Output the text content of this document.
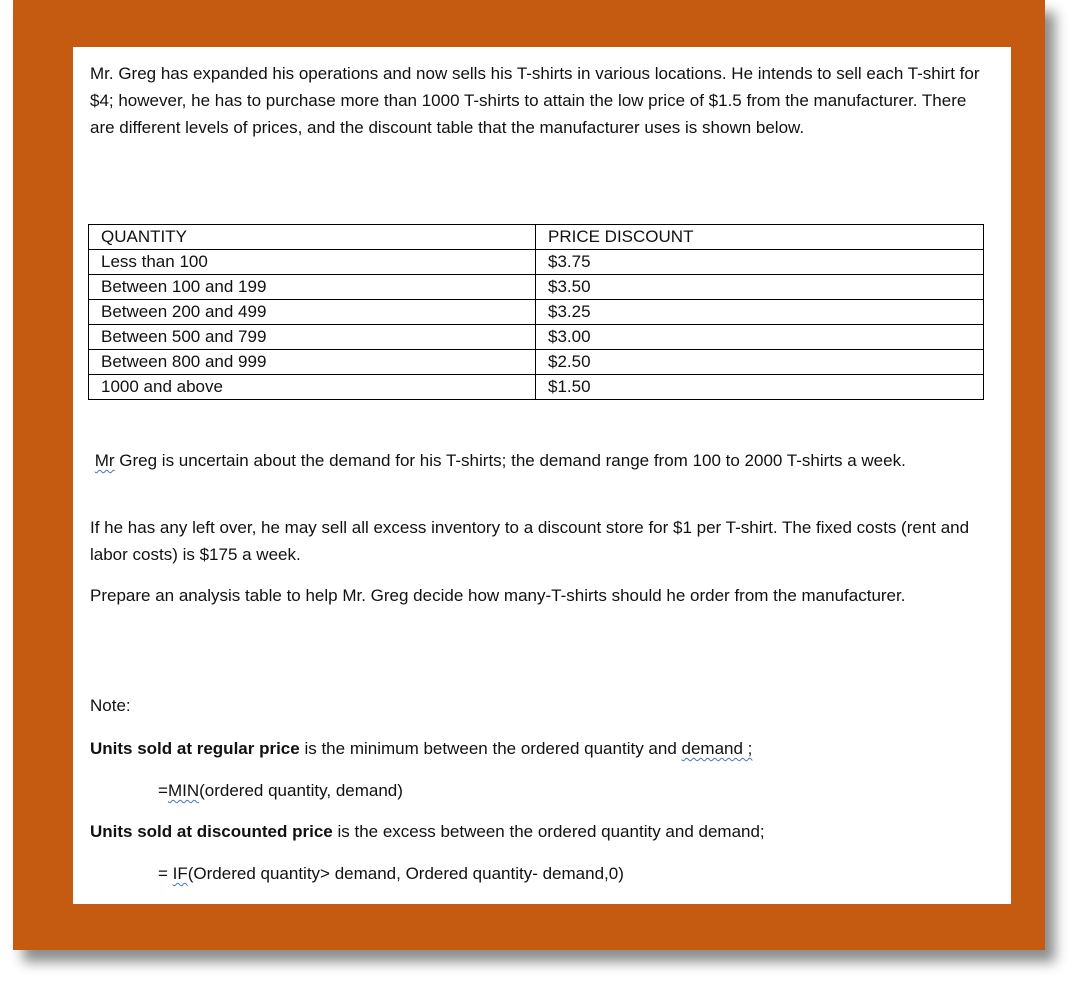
Mr. Greg has expanded his operations and now sells his T-shirts in various locations. He intends to sell each T-shirt for $4; however, he has to purchase more than 1000 T-shirts to attain the low price of $1.5 from the manufacturer. There are different levels of prices, and the discount table that the manufacturer uses is shown below.

QUANTITY	PRICE DISCOUNT
Less than 100	$3.75
Between 100 and 199	$3.50
Between 200 and 499	$3.25
Between 500 and 799	$3.00
Between 800 and 999	$2.50
1000 and above	$1.50

Mr Greg is uncertain about the demand for his T-shirts; the demand range from 100 to 2000 T-shirts a week.

If he has any left over, he may sell all excess inventory to a discount store for $1 per T-shirt. The fixed costs (rent and labor costs) is $175 a week.

Prepare an analysis table to help Mr. Greg decide how many-T-shirts should he order from the manufacturer.

Note:

Units sold at regular price is the minimum between the ordered quantity and demand ;

=MIN(ordered quantity, demand)

Units sold at discounted price is the excess between the ordered quantity and demand;

= IF(Ordered quantity> demand, Ordered quantity- demand,0)
